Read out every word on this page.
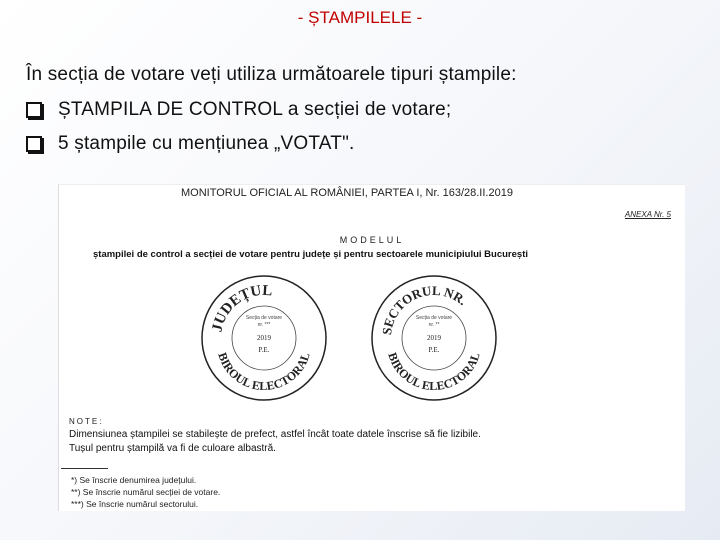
- ȘTAMPILELE -
În secția de votare veți utiliza următoarele tipuri ștampile:
ȘTAMPILA DE CONTROL a secției de votare;
5 ștampile cu mențiunea „VOTAT".
MONITORUL OFICIAL AL ROMÂNIEI, PARTEA I, Nr. 163/28.II.2019
ANEXA Nr. 5
MODELUL
ștampilei de control a secției de votare pentru județe și pentru sectoarele municipiului București
JUDEȚUL
BIROUL ELECTORAL
Secția de votare
nr. ***
2019
P.E.
SECTORUL NR.
BIROUL ELECTORAL
Secția de votare
nr. **
2019
P.E.
NOTE:
Dimensiunea ștampilei se stabilește de prefect, astfel încât toate datele înscrise să fie lizibile.
Tușul pentru ștampilă va fi de culoare albastră.
*) Se înscrie denumirea județului.
**) Se înscrie numărul secției de votare.
***) Se înscrie numărul sectorului.
